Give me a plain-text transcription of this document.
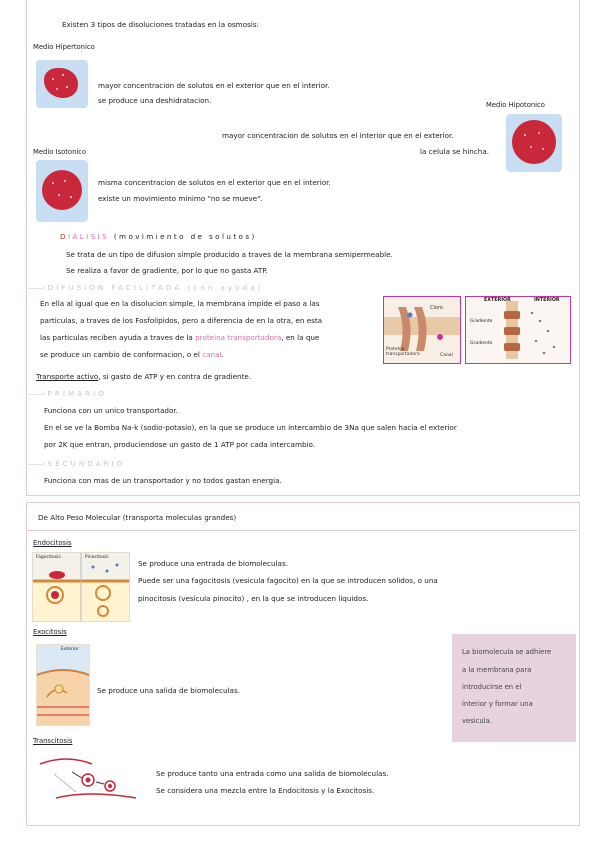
Existen 3 tipos de disoluciones tratadas en la osmosis:
Medio Hipertonico
mayor concentracion de solutos en el exterior que en el interior.
se produce una deshidratacion.	Medio Hipotonico
mayor concentracion de solutos en el interior que en el exterior.
la celula se hincha.
Medio Isotonico
misma concentracion de solutos en el exterior que en el interior.
existe un movimiento minimo "no se mueve".
DIALISIS (movimiento de solutos)
Se trata de un tipo de difusion simple producido a traves de la membrana semipermeable.
Se realiza a favor de gradiente, por lo que no gasta ATP.
——› DIFUSION FACILITADA (con ayuda)
En ella al igual que en la disolucion simple, la membrana impide el paso a las
particulas, a traves de los Fosfolipidos, pero a diferencia de en la otra, en esta
las particulas reciben ayuda a traves de la proteina transportadora, en la que
se produce un cambio de conformacion, o el canal.
Cloro
Proteina transportadora	Canal
EXTERIOR	INTERIOR
Gradiente
Gradiente
Transporte activo, si gasto de ATP y en contra de gradiente.
——› PRIMARIO
Funciona con un unico transportador.
En el se ve la Bomba Na-k (sodio-potasio), en la que se produce un intercambio de 3Na que salen hacia el exterior
por 2K que entran, produciendose un gasto de 1 ATP por cada intercambio.
——› SECUNDARIO
Funciona con mas de un transportador y no todos gastan energia.
De Alto Peso Molecular (transporta moleculas grandes)
Endocitosis
Fagocitosis	Pinocitosis
Se produce una entrada de biomoleculas.
Puede ser una fagocitosis (vesicula fagocito) en la que se introducen solidos, o una
pinocitosis (vesicula pinocito) , en la que se introducen liquidos.
Exocitosis
Exterior
Se produce una salida de biomoleculas.
La biomolecula se adhiere
a la membrana para
introducirse en el
interior y formar una
vesicula.
Transcitosis
Se produce tanto una entrada como una salida de biomoleculas.
Se considera una mezcla entre la Endocitosis y la Exocitosis.
